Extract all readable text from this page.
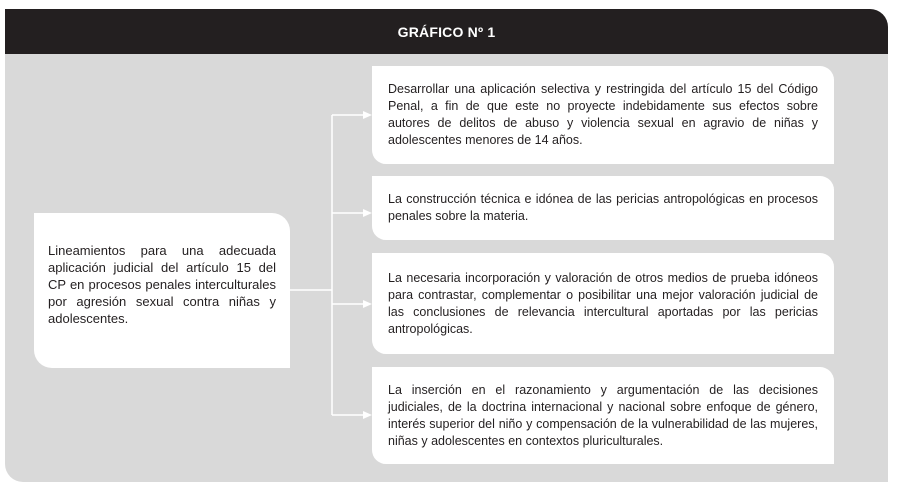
GRÁFICO Nº 1
Lineamientos para una adecuada aplicación judicial del artículo 15 del CP en procesos penales interculturales por agresión sexual contra niñas y adolescentes.
Desarrollar una aplicación selectiva y restringida del artículo 15 del Código Penal, a fin de que este no proyecte indebidamente sus efectos sobre autores de delitos de abuso y violencia sexual en agravio de niñas y adolescentes menores de 14 años.
La construcción técnica e idónea de las pericias antropológicas en procesos penales sobre la materia.
La necesaria incorporación y valoración de otros medios de prueba idóneos para contrastar, complementar o posibilitar una mejor valoración judicial de las conclusiones de relevancia intercultural aportadas por las pericias antropológicas.
La inserción en el razonamiento y argumentación de las decisiones judiciales, de la doctrina internacional y nacional sobre enfoque de género, interés superior del niño y compensación de la vulnerabilidad de las mujeres, niñas y adolescentes en contextos pluriculturales.
